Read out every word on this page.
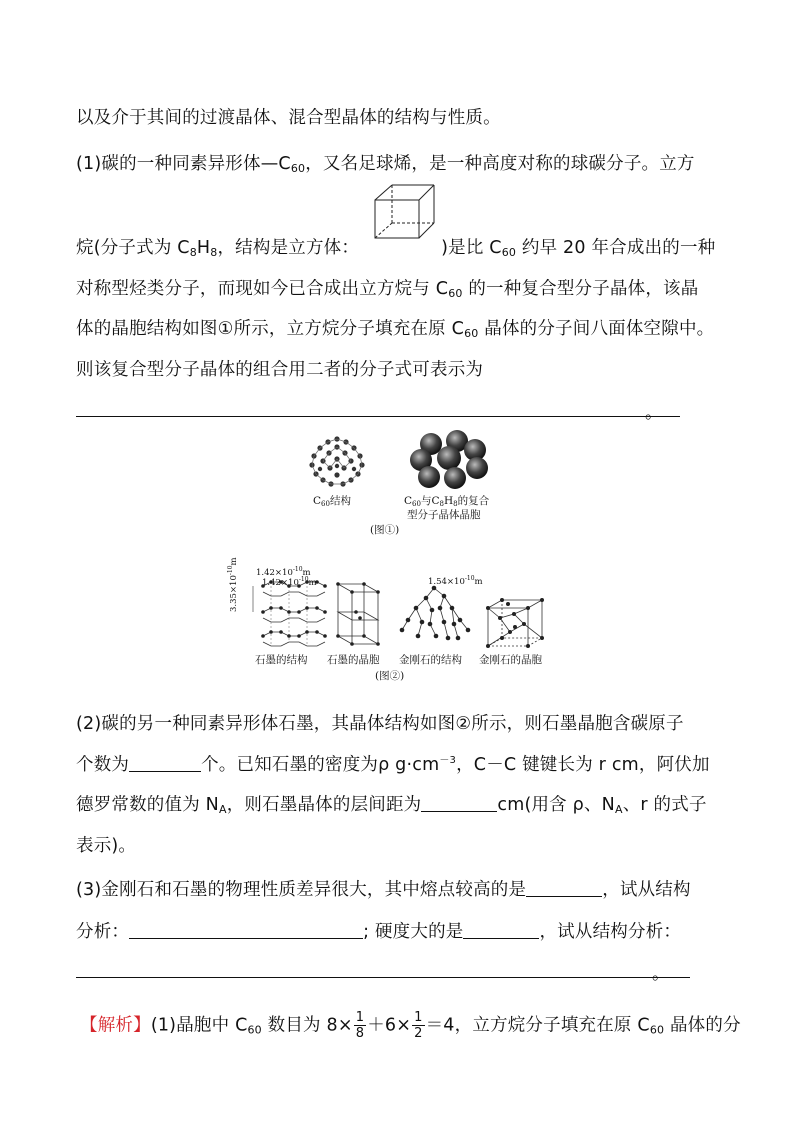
以及介于其间的过渡晶体、混合型晶体的结构与性质。
(1)碳的一种同素异形体$—C_{60}$，又名足球烯，是一种高度对称的球碳分子。立方
烷(分子式为 $C_8H_8$，结构是立方体：	)是比 $C_{60}$ 约早 20 年合成出的一种
对称型烃类分子，而现如今已合成出立方烷与 $C_{60}$ 的一种复合型分子晶体，该晶
体的晶胞结构如图①所示，立方烷分子填充在原 $C_{60}$ 晶体的分子间八面体空隙中。
则该复合型分子晶体的组合用二者的分子式可表示为
。
C60结构	C60与C8H8的复合
型分子晶体晶胞
(图①)
$1.42\times 10^{-10}m$
$1.42\times 10^{-10}m$
$3.35\times 10^{-10}m$
$1.54\times 10^{-10}m$
石墨的结构 石墨的晶胞 金刚石的结构 金刚石的晶胞
(图②)
(2)碳的另一种同素异形体石墨，其晶体结构如图②所示，则石墨晶胞含碳原子
个数为	个。已知石墨的密度为ρ $g\cdot cm^{-3}$，C－C 键键长为 r cm，阿伏加
德罗常数的值为 $N_A$，则石墨晶体的层间距为	cm(用含 ρ、$N_A$、r 的式子
表示)。
(3)金刚石和石墨的物理性质差异很大，其中熔点较高的是	，试从结构
分析：	; 硬度大的是	，试从结构分析：
。
【解析】(1)晶胞中 $C_{60}$ 数目为 $8\times \frac{1}{8} +6\times \frac{1}{2} =4$，立方烷分子填充在原 $C_{60}$ 晶体的分
